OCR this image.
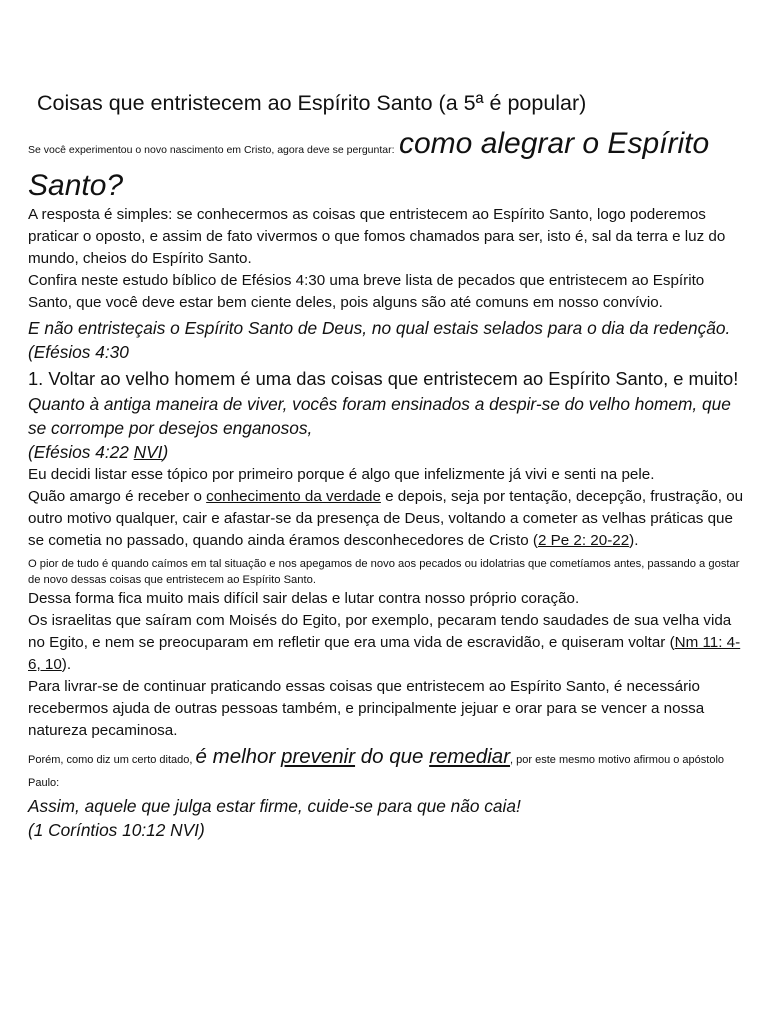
Coisas que entristecem ao Espírito Santo (a 5ª é popular)
Se você experimentou o novo nascimento em Cristo, agora deve se perguntar: como alegrar o Espírito Santo?

A resposta é simples: se conhecermos as coisas que entristecem ao Espírito Santo, logo poderemos praticar o oposto, e assim de fato vivermos o que fomos chamados para ser, isto é, sal da terra e luz do mundo, cheios do Espírito Santo.

Confira neste estudo bíblico de Efésios 4:30 uma breve lista de pecados que entristecem ao Espírito Santo, que você deve estar bem ciente deles, pois alguns são até comuns em nosso convívio.

E não entristeçais o Espírito Santo de Deus, no qual estais selados para o dia da redenção. (Efésios 4:30

1. Voltar ao velho homem é uma das coisas que entristecem ao Espírito Santo, e muito!

Quanto à antiga maneira de viver, vocês foram ensinados a despir-se do velho homem, que se corrompe por desejos enganosos,

(Efésios 4:22 NVI)

Eu decidi listar esse tópico por primeiro porque é algo que infelizmente já vivi e senti na pele.

Quão amargo é receber o conhecimento da verdade e depois, seja por tentação, decepção, frustração, ou outro motivo qualquer, cair e afastar-se da presença de Deus, voltando a cometer as velhas práticas que se cometia no passado, quando ainda éramos desconhecedores de Cristo (2 Pe 2: 20-22).

O pior de tudo é quando caímos em tal situação e nos apegamos de novo aos pecados ou idolatrias que cometíamos antes, passando a gostar de novo dessas coisas que entristecem ao Espírito Santo.

Dessa forma fica muito mais difícil sair delas e lutar contra nosso próprio coração.

Os israelitas que saíram com Moisés do Egito, por exemplo, pecaram tendo saudades de sua velha vida no Egito, e nem se preocuparam em refletir que era uma vida de escravidão, e quiseram voltar (Nm 11: 4-6, 10).

Para livrar-se de continuar praticando essas coisas que entristecem ao Espírito Santo, é necessário recebermos ajuda de outras pessoas também, e principalmente jejuar e orar para se vencer a nossa natureza pecaminosa.

Porém, como diz um certo ditado, é melhor prevenir do que remediar, por este mesmo motivo afirmou o apóstolo Paulo:

Assim, aquele que julga estar firme, cuide-se para que não caia!

(1 Coríntios 10:12 NVI)
